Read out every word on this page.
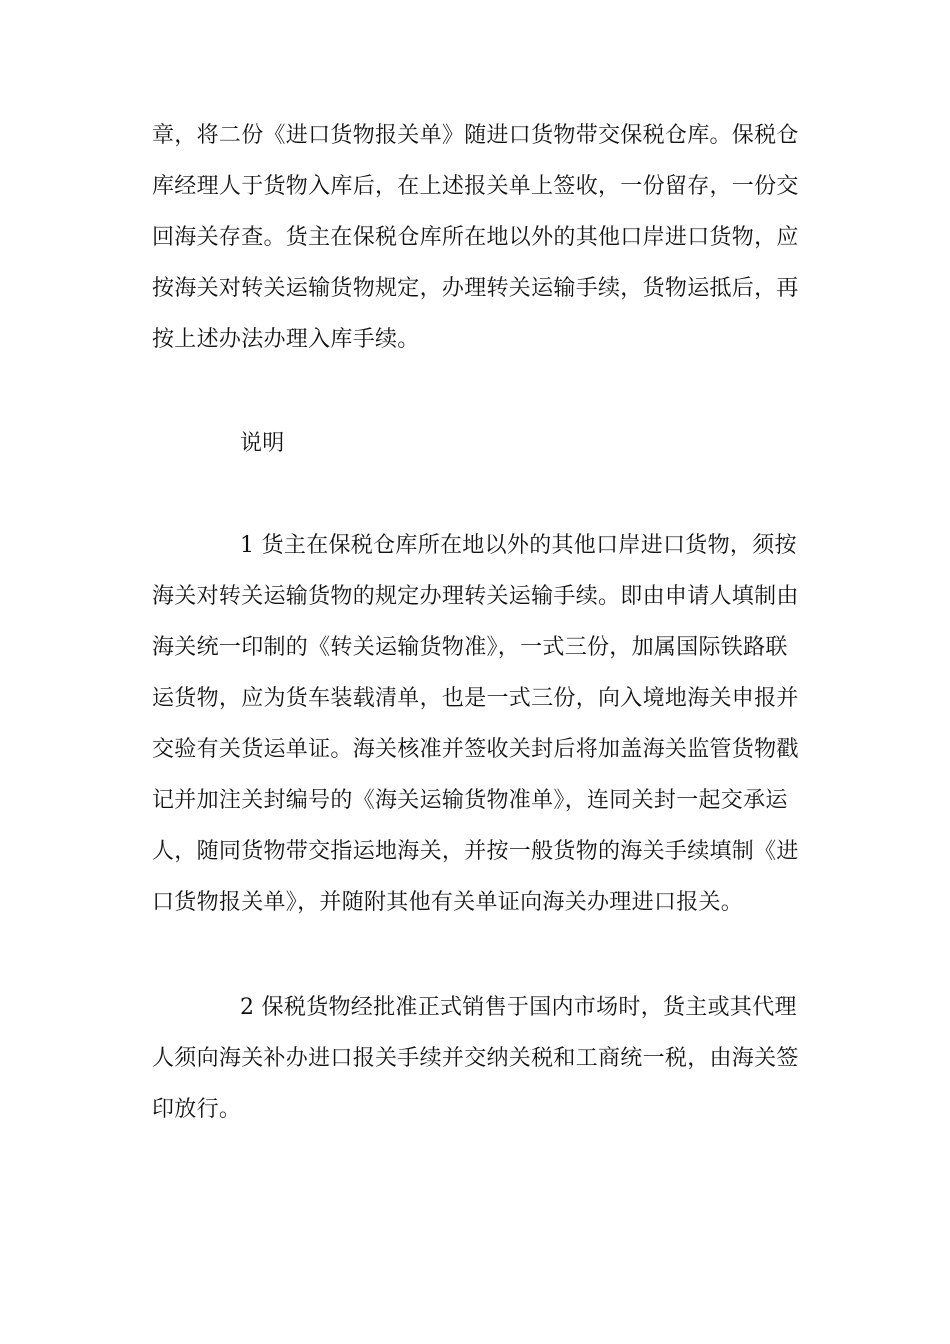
章，将二份《进口货物报关单》随进口货物带交保税仓库。保税仓
库经理人于货物入库后，在上述报关单上签收，一份留存，一份交
回海关存查。货主在保税仓库所在地以外的其他口岸进口货物，应
按海关对转关运输货物规定，办理转关运输手续，货物运抵后，再
按上述办法办理入库手续。
说明
1 货主在保税仓库所在地以外的其他口岸进口货物，须按
海关对转关运输货物的规定办理转关运输手续。即由申请人填制由
海关统一印制的《转关运输货物准》，一式三份，加属国际铁路联
运货物，应为货车装载清单，也是一式三份，向入境地海关申报并
交验有关货运单证。海关核准并签收关封后将加盖海关监管货物戳
记并加注关封编号的《海关运输货物准单》，连同关封一起交承运
人，随同货物带交指运地海关，并按一般货物的海关手续填制《进
口货物报关单》，并随附其他有关单证向海关办理进口报关。
2 保税货物经批准正式销售于国内市场时，货主或其代理
人须向海关补办进口报关手续并交纳关税和工商统一税，由海关签
印放行。
